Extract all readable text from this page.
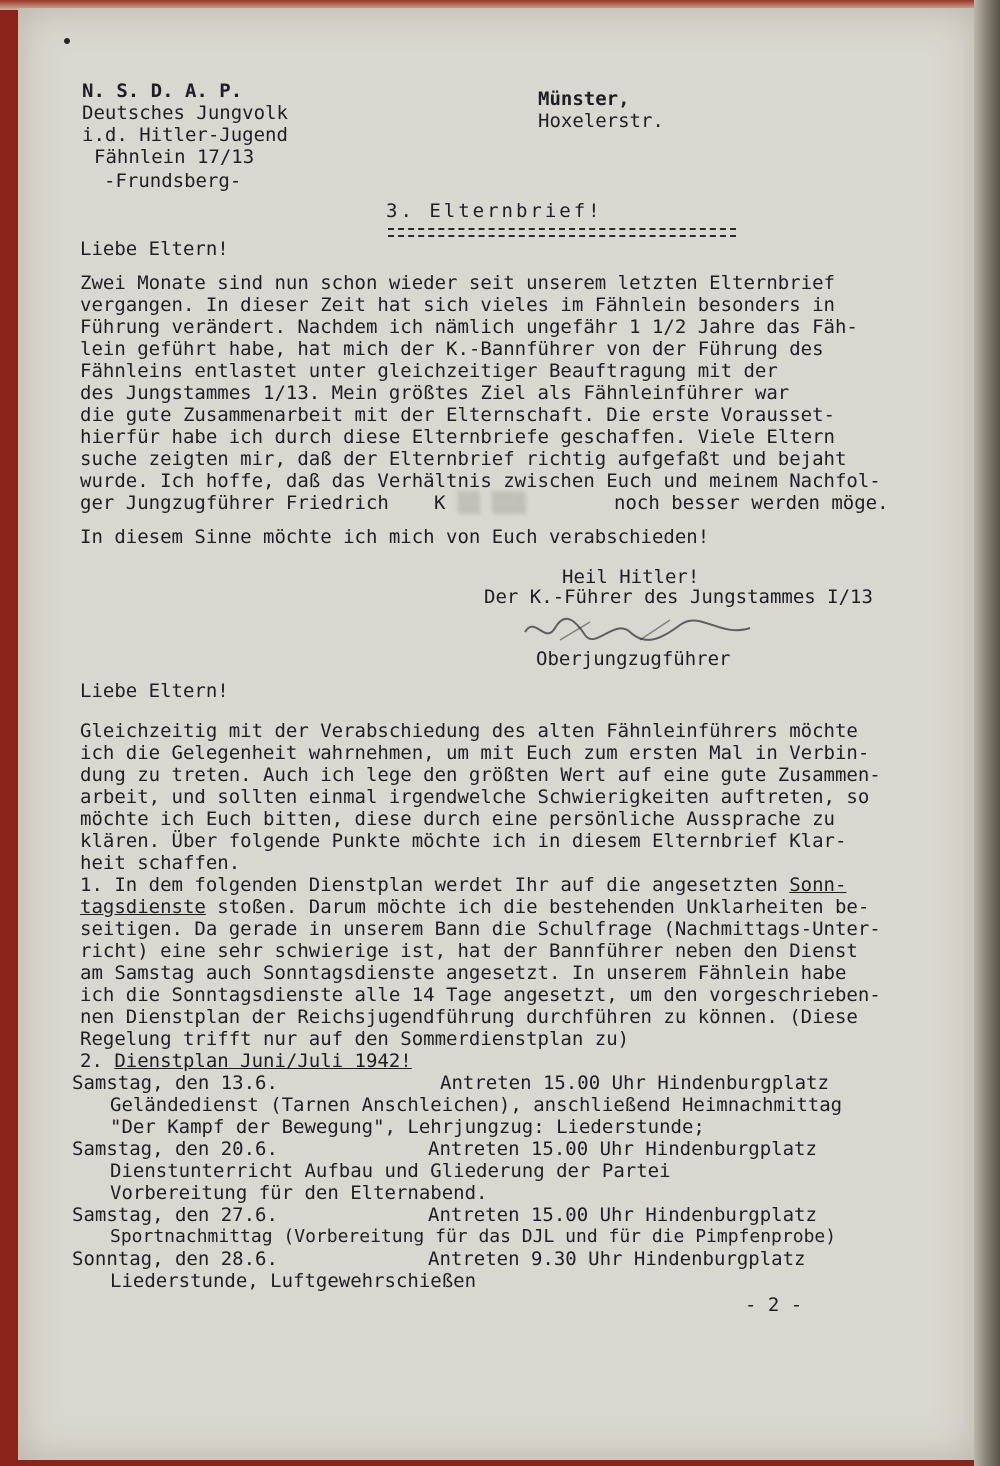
N. S. D. A. P.
Deutsches Jungvolk
i.d. Hitler-Jugend
Fähnlein 17/13
-Frundsberg-
Münster,
Hoxelerstr.
3. Elternbrief!
Liebe Eltern!
Zwei Monate sind nun schon wieder seit unserem letzten Elternbrief
vergangen. In dieser Zeit hat sich vieles im Fähnlein besonders in
Führung verändert. Nachdem ich nämlich ungefähr 1 1/2 Jahre das Fäh-
lein geführt habe, hat mich der K.-Bannführer von der Führung des
Fähnleins entlastet unter gleichzeitiger Beauftragung mit der
des Jungstammes 1/13. Mein größtes Ziel als Fähnleinführer war
die gute Zusammenarbeit mit der Elternschaft. Die erste Vorausset-
hierfür habe ich durch diese Elternbriefe geschaffen. Viele Eltern
suche zeigten mir, daß der Elternbrief richtig aufgefaßt und bejaht
wurde. Ich hoffe, daß das Verhältnis zwischen Euch und meinem Nachfol-
ger Jungzugführer Friedrich K ░░ ░░░	noch besser werden möge.
In diesem Sinne möchte ich mich von Euch verabschieden!
Heil Hitler!
Der K.-Führer des Jungstammes I/13
Oberjungzugführer
Liebe Eltern!
Gleichzeitig mit der Verabschiedung des alten Fähnleinführers möchte
ich die Gelegenheit wahrnehmen, um mit Euch zum ersten Mal in Verbin-
dung zu treten. Auch ich lege den größten Wert auf eine gute Zusammen-
arbeit, und sollten einmal irgendwelche Schwierigkeiten auftreten, so
möchte ich Euch bitten, diese durch eine persönliche Aussprache zu
klären. Über folgende Punkte möchte ich in diesem Elternbrief Klar-
heit schaffen.
1. In dem folgenden Dienstplan werdet Ihr auf die angesetzten Sonn-
tagsdienste stoßen. Darum möchte ich die bestehenden Unklarheiten be-
seitigen. Da gerade in unserem Bann die Schulfrage (Nachmittags-Unter-
richt) eine sehr schwierige ist, hat der Bannführer neben den Dienst
am Samstag auch Sonntagsdienste angesetzt. In unserem Fähnlein habe
ich die Sonntagsdienste alle 14 Tage angesetzt, um den vorgeschrieben-
nen Dienstplan der Reichsjugendführung durchführen zu können. (Diese
Regelung trifft nur auf den Sommerdienstplan zu)
2. Dienstplan Juni/Juli 1942!
Samstag, den 13.6.	Antreten 15.00 Uhr Hindenburgplatz
Geländedienst (Tarnen Anschleichen), anschließend Heimnachmittag
"Der Kampf der Bewegung", Lehrjungzug: Liederstunde;
Samstag, den 20.6.	Antreten 15.00 Uhr Hindenburgplatz
Dienstunterricht Aufbau und Gliederung der Partei
Vorbereitung für den Elternabend.
Samstag, den 27.6.	Antreten 15.00 Uhr Hindenburgplatz
Sportnachmittag (Vorbereitung für das DJL und für die Pimpfenprobe)
Sonntag, den 28.6.	Antreten 9.30 Uhr Hindenburgplatz
Liederstunde, Luftgewehrschießen
- 2 -
